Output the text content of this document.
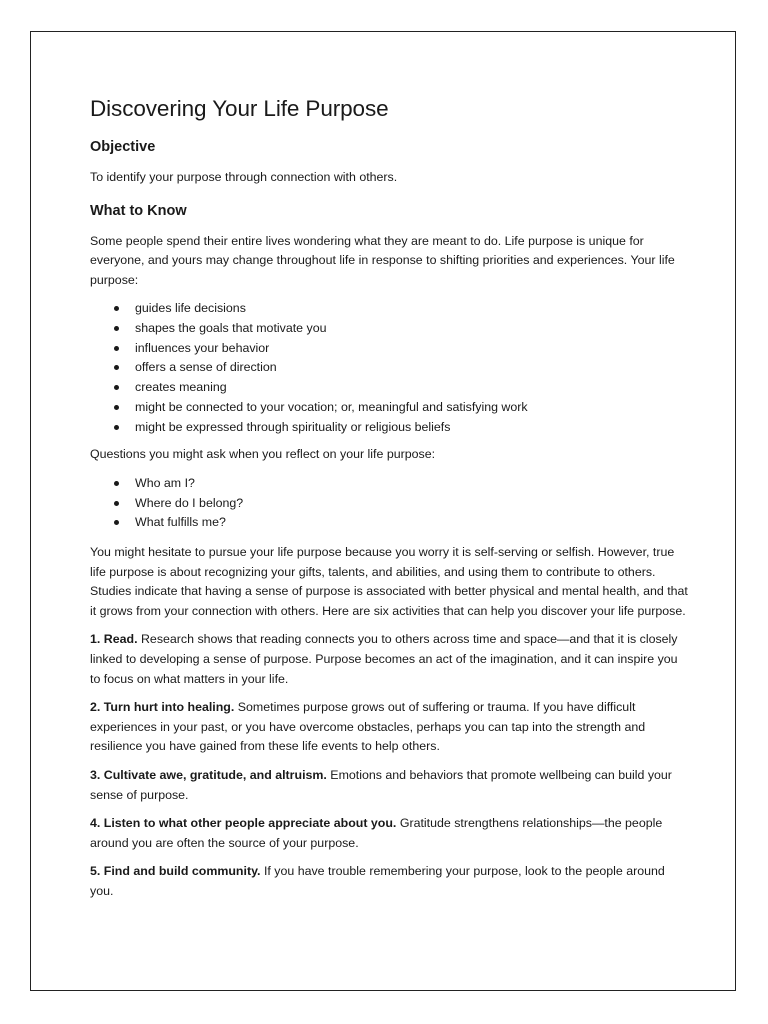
Discovering Your Life Purpose
Objective

To identify your purpose through connection with others.

What to Know

Some people spend their entire lives wondering what they are meant to do. Life purpose is unique for everyone, and yours may change throughout life in response to shifting priorities and experiences. Your life purpose:

guides life decisions
shapes the goals that motivate you
influences your behavior
offers a sense of direction
creates meaning
might be connected to your vocation; or, meaningful and satisfying work
might be expressed through spirituality or religious beliefs

Questions you might ask when you reflect on your life purpose:

Who am I?
Where do I belong?
What fulfills me?

You might hesitate to pursue your life purpose because you worry it is self-serving or selfish. However, true life purpose is about recognizing your gifts, talents, and abilities, and using them to contribute to others. Studies indicate that having a sense of purpose is associated with better physical and mental health, and that it grows from your connection with others. Here are six activities that can help you discover your life purpose.

1. Read. Research shows that reading connects you to others across time and space—and that it is closely linked to developing a sense of purpose. Purpose becomes an act of the imagination, and it can inspire you to focus on what matters in your life.

2. Turn hurt into healing. Sometimes purpose grows out of suffering or trauma. If you have difficult experiences in your past, or you have overcome obstacles, perhaps you can tap into the strength and resilience you have gained from these life events to help others.

3. Cultivate awe, gratitude, and altruism. Emotions and behaviors that promote wellbeing can build your sense of purpose.

4. Listen to what other people appreciate about you. Gratitude strengthens relationships—the people around you are often the source of your purpose.

5. Find and build community. If you have trouble remembering your purpose, look to the people around you.
